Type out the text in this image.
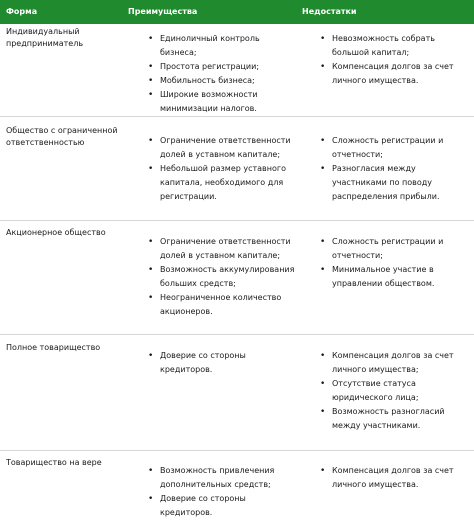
Форма	Преимущества	Недостатки
Индивидуальный предприниматель
• Единоличный контроль бизнеса;
• Простота регистрации;
• Мобильность бизнеса;
• Широкие возможности минимизации налогов.
• Невозможность собрать большой капитал;
• Компенсация долгов за счет личного имущества.
Общество с ограниченной ответственностью
•	Ограничение ответственности долей в уставном капитале;
• Небольшой размер уставного капитала, необходимого для регистрации.
• Сложность регистрации и отчетности;
• Разногласия между участниками по поводу распределения прибыли.
Акционерное общество
• Ограничение ответственности долей в уставном капитале;
• Возможность аккумулирования больших средств;
• Неограниченное количество акционеров.
• Сложность регистрации и отчетности;
• Минимальное участие в управлении обществом.
Полное товарищество
• Доверие со стороны кредиторов.
• Компенсация долгов за счет личного имущества;
• Отсутствие статуса юридического лица;
• Возможность разногласий между участниками.
Товарищество на вере
• Возможность привлечения дополнительных средств;
• Доверие со стороны кредиторов.
• Компенсация долгов за счет личного имущества.
